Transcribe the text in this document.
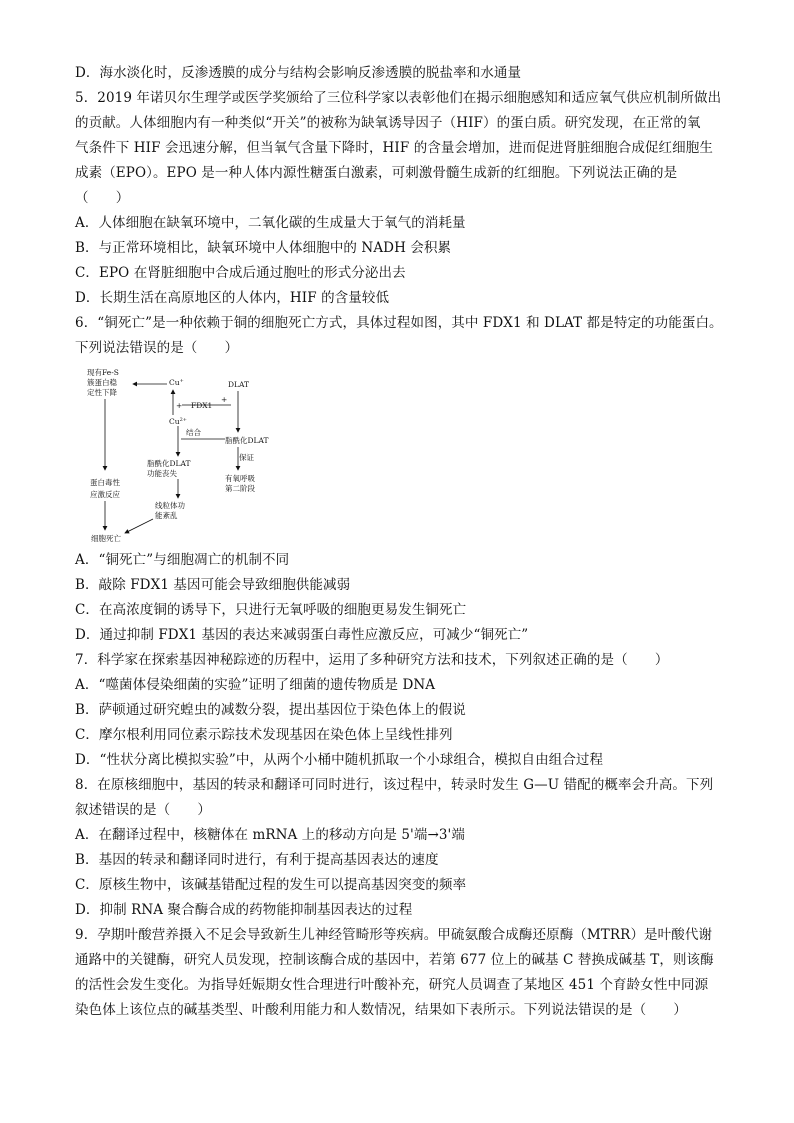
D．海水淡化时，反渗透膜的成分与结构会影响反渗透膜的脱盐率和水通量
5．2019 年诺贝尔生理学或医学奖颁给了三位科学家以表彰他们在揭示细胞感知和适应氧气供应机制所做出
的贡献。人体细胞内有一种类似“开关”的被称为缺氧诱导因子（HIF）的蛋白质。研究发现，在正常的氧
气条件下 HIF 会迅速分解，但当氧气含量下降时，HIF 的含量会增加，进而促进肾脏细胞合成促红细胞生
成素（EPO）。EPO 是一种人体内源性糖蛋白激素，可刺激骨髓生成新的红细胞。下列说法正确的是
（　　）
A．人体细胞在缺氧环境中，二氧化碳的生成量大于氧气的消耗量
B．与正常环境相比，缺氧环境中人体细胞中的 NADH 会积累
C．EPO 在肾脏细胞中合成后通过胞吐的形式分泌出去
D．长期生活在高原地区的人体内，HIF 的含量较低
6．“铜死亡”是一种依赖于铜的细胞死亡方式，具体过程如图，其中 FDX1 和 DLAT 都是特定的功能蛋白。
下列说法错误的是（　　）
现有Fe-S
簇蛋白稳
定性下降
Cu+	DLAT
+ FDX1
+
$Cu^{2+}$
结合
脂酰化DLAT
保证
脂酰化DLAT
功能丧失
有氧呼吸
第二阶段
蛋白毒性
应激反应
线粒体功
能紊乱
细胞死亡
A．“铜死亡”与细胞凋亡的机制不同
B．敲除 FDX1 基因可能会导致细胞供能减弱
C．在高浓度铜的诱导下，只进行无氧呼吸的细胞更易发生铜死亡
D．通过抑制 FDX1 基因的表达来减弱蛋白毒性应激反应，可减少“铜死亡”
7．科学家在探索基因神秘踪迹的历程中，运用了多种研究方法和技术，下列叙述正确的是（　　）
A．“噬菌体侵染细菌的实验”证明了细菌的遗传物质是 DNA
B．萨顿通过研究蝗虫的减数分裂，提出基因位于染色体上的假说
C．摩尔根利用同位素示踪技术发现基因在染色体上呈线性排列
D．“性状分离比模拟实验”中，从两个小桶中随机抓取一个小球组合，模拟自由组合过程
8．在原核细胞中，基因的转录和翻译可同时进行，该过程中，转录时发生 G—U 错配的概率会升高。下列
叙述错误的是（　　）
A．在翻译过程中，核糖体在 mRNA 上的移动方向是 5'端→3'端
B．基因的转录和翻译同时进行，有利于提高基因表达的速度
C．原核生物中，该碱基错配过程的发生可以提高基因突变的频率
D．抑制 RNA 聚合酶合成的药物能抑制基因表达的过程
9．孕期叶酸营养摄入不足会导致新生儿神经管畸形等疾病。甲硫氨酸合成酶还原酶（MTRR）是叶酸代谢
通路中的关键酶，研究人员发现，控制该酶合成的基因中，若第 677 位上的碱基 C 替换成碱基 T，则该酶
的活性会发生变化。为指导妊娠期女性合理进行叶酸补充，研究人员调查了某地区 451 个育龄女性中同源
染色体上该位点的碱基类型、叶酸利用能力和人数情况，结果如下表所示。下列说法错误的是（　　）
